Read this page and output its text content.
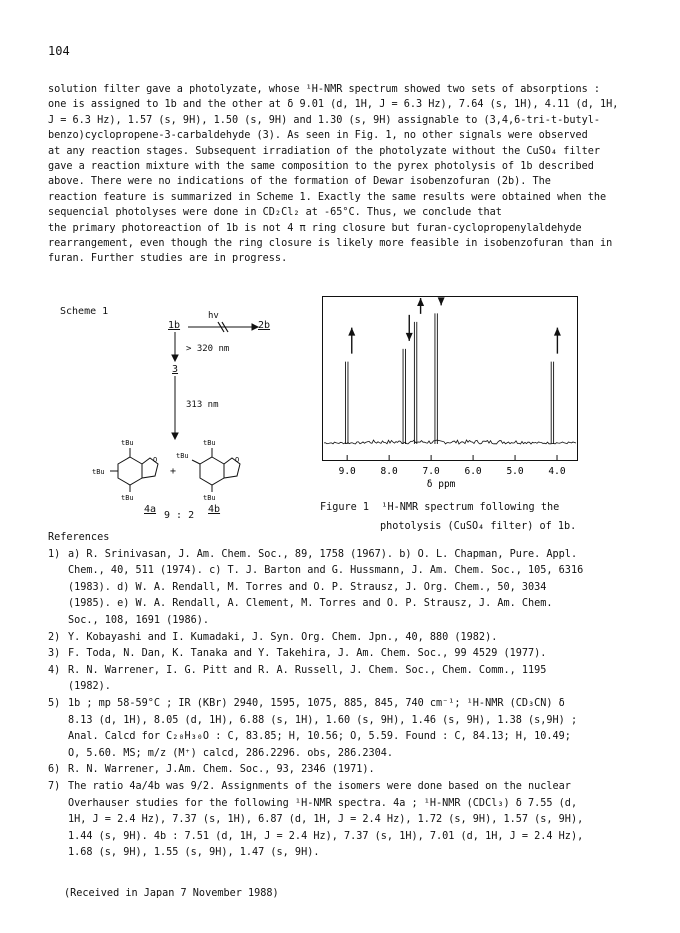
104

solution filter gave a photolyzate, whose ¹H-NMR spectrum showed two sets of absorptions :

one is assigned to 1b and the other at δ 9.01 (d, 1H, J = 6.3 Hz), 7.64 (s, 1H), 4.11 (d, 1H,

J = 6.3 Hz), 1.57 (s, 9H), 1.50 (s, 9H) and 1.30 (s, 9H) assignable to (3,4,6-tri-t-butyl-

benzo)cyclopropene-3-carbaldehyde (3). As seen in Fig. 1, no other signals were observed

at any reaction stages. Subsequent irradiation of the photolyzate without the CuSO₄ filter

gave a reaction mixture with the same composition to the pyrex photolysis of 1b described

above. There were no indications of the formation of Dewar isobenzofuran (2b). The

reaction feature is summarized in Scheme 1. Exactly the same results were obtained when the

sequencial photolyses were done in CD₂Cl₂ at -65°C. Thus, we conclude that

the primary photoreaction of 1b is not 4 π ring closure but furan-cyclopropenylaldehyde

rearrangement, even though the ring closure is likely more feasible in isobenzofuran than in

furan. Further studies are in progress.

Scheme 1
1b
hv
2b
> 320 nm
3
313 nm
tBu
tBu
tBu
tBu
tBu
tBu
O	O
+
4a
9 : 2
4b
9.0	8.0	7.0	6.0	5.0	4.0
δ ppm
Figure 1 ¹H-NMR spectrum following the
photolysis (CuSO₄ filter) of 1b.

References

1) a) R. Srinivasan, J. Am. Chem. Soc., 89, 1758 (1967). b) O. L. Chapman, Pure. Appl.

Chem., 40, 511 (1974). c) T. J. Barton and G. Hussmann, J. Am. Chem. Soc., 105, 6316

(1983). d) W. A. Rendall, M. Torres and O. P. Strausz, J. Org. Chem., 50, 3034

(1985). e) W. A. Rendall, A. Clement, M. Torres and O. P. Strausz, J. Am. Chem.

Soc., 108, 1691 (1986).

2) Y. Kobayashi and I. Kumadaki, J. Syn. Org. Chem. Jpn., 40, 880 (1982).

3) F. Toda, N. Dan, K. Tanaka and Y. Takehira, J. Am. Chem. Soc., 99 4529 (1977).

4) R. N. Warrener, I. G. Pitt and R. A. Russell, J. Chem. Soc., Chem. Comm., 1195

(1982).

5) 1b ; mp 58-59°C ; IR (KBr) 2940, 1595, 1075, 885, 845, 740 cm⁻¹; ¹H-NMR (CD₃CN) δ

8.13 (d, 1H), 8.05 (d, 1H), 6.88 (s, 1H), 1.60 (s, 9H), 1.46 (s, 9H), 1.38 (s,9H) ;

Anal. Calcd for C₂₀H₃₀O : C, 83.85; H, 10.56; O, 5.59. Found : C, 84.13; H, 10.49;

O, 5.60. MS; m/z (M⁺) calcd, 286.2296. obs, 286.2304.

6) R. N. Warrener, J.Am. Chem. Soc., 93, 2346 (1971).

7) The ratio 4a/4b was 9/2. Assignments of the isomers were done based on the nuclear

Overhauser studies for the following ¹H-NMR spectra. 4a ; ¹H-NMR (CDCl₃) δ 7.55 (d,

1H, J = 2.4 Hz), 7.37 (s, 1H), 6.87 (d, 1H, J = 2.4 Hz), 1.72 (s, 9H), 1.57 (s, 9H),

1.44 (s, 9H). 4b : 7.51 (d, 1H, J = 2.4 Hz), 7.37 (s, 1H), 7.01 (d, 1H, J = 2.4 Hz),

1.68 (s, 9H), 1.55 (s, 9H), 1.47 (s, 9H).

(Received in Japan 7 November 1988)
